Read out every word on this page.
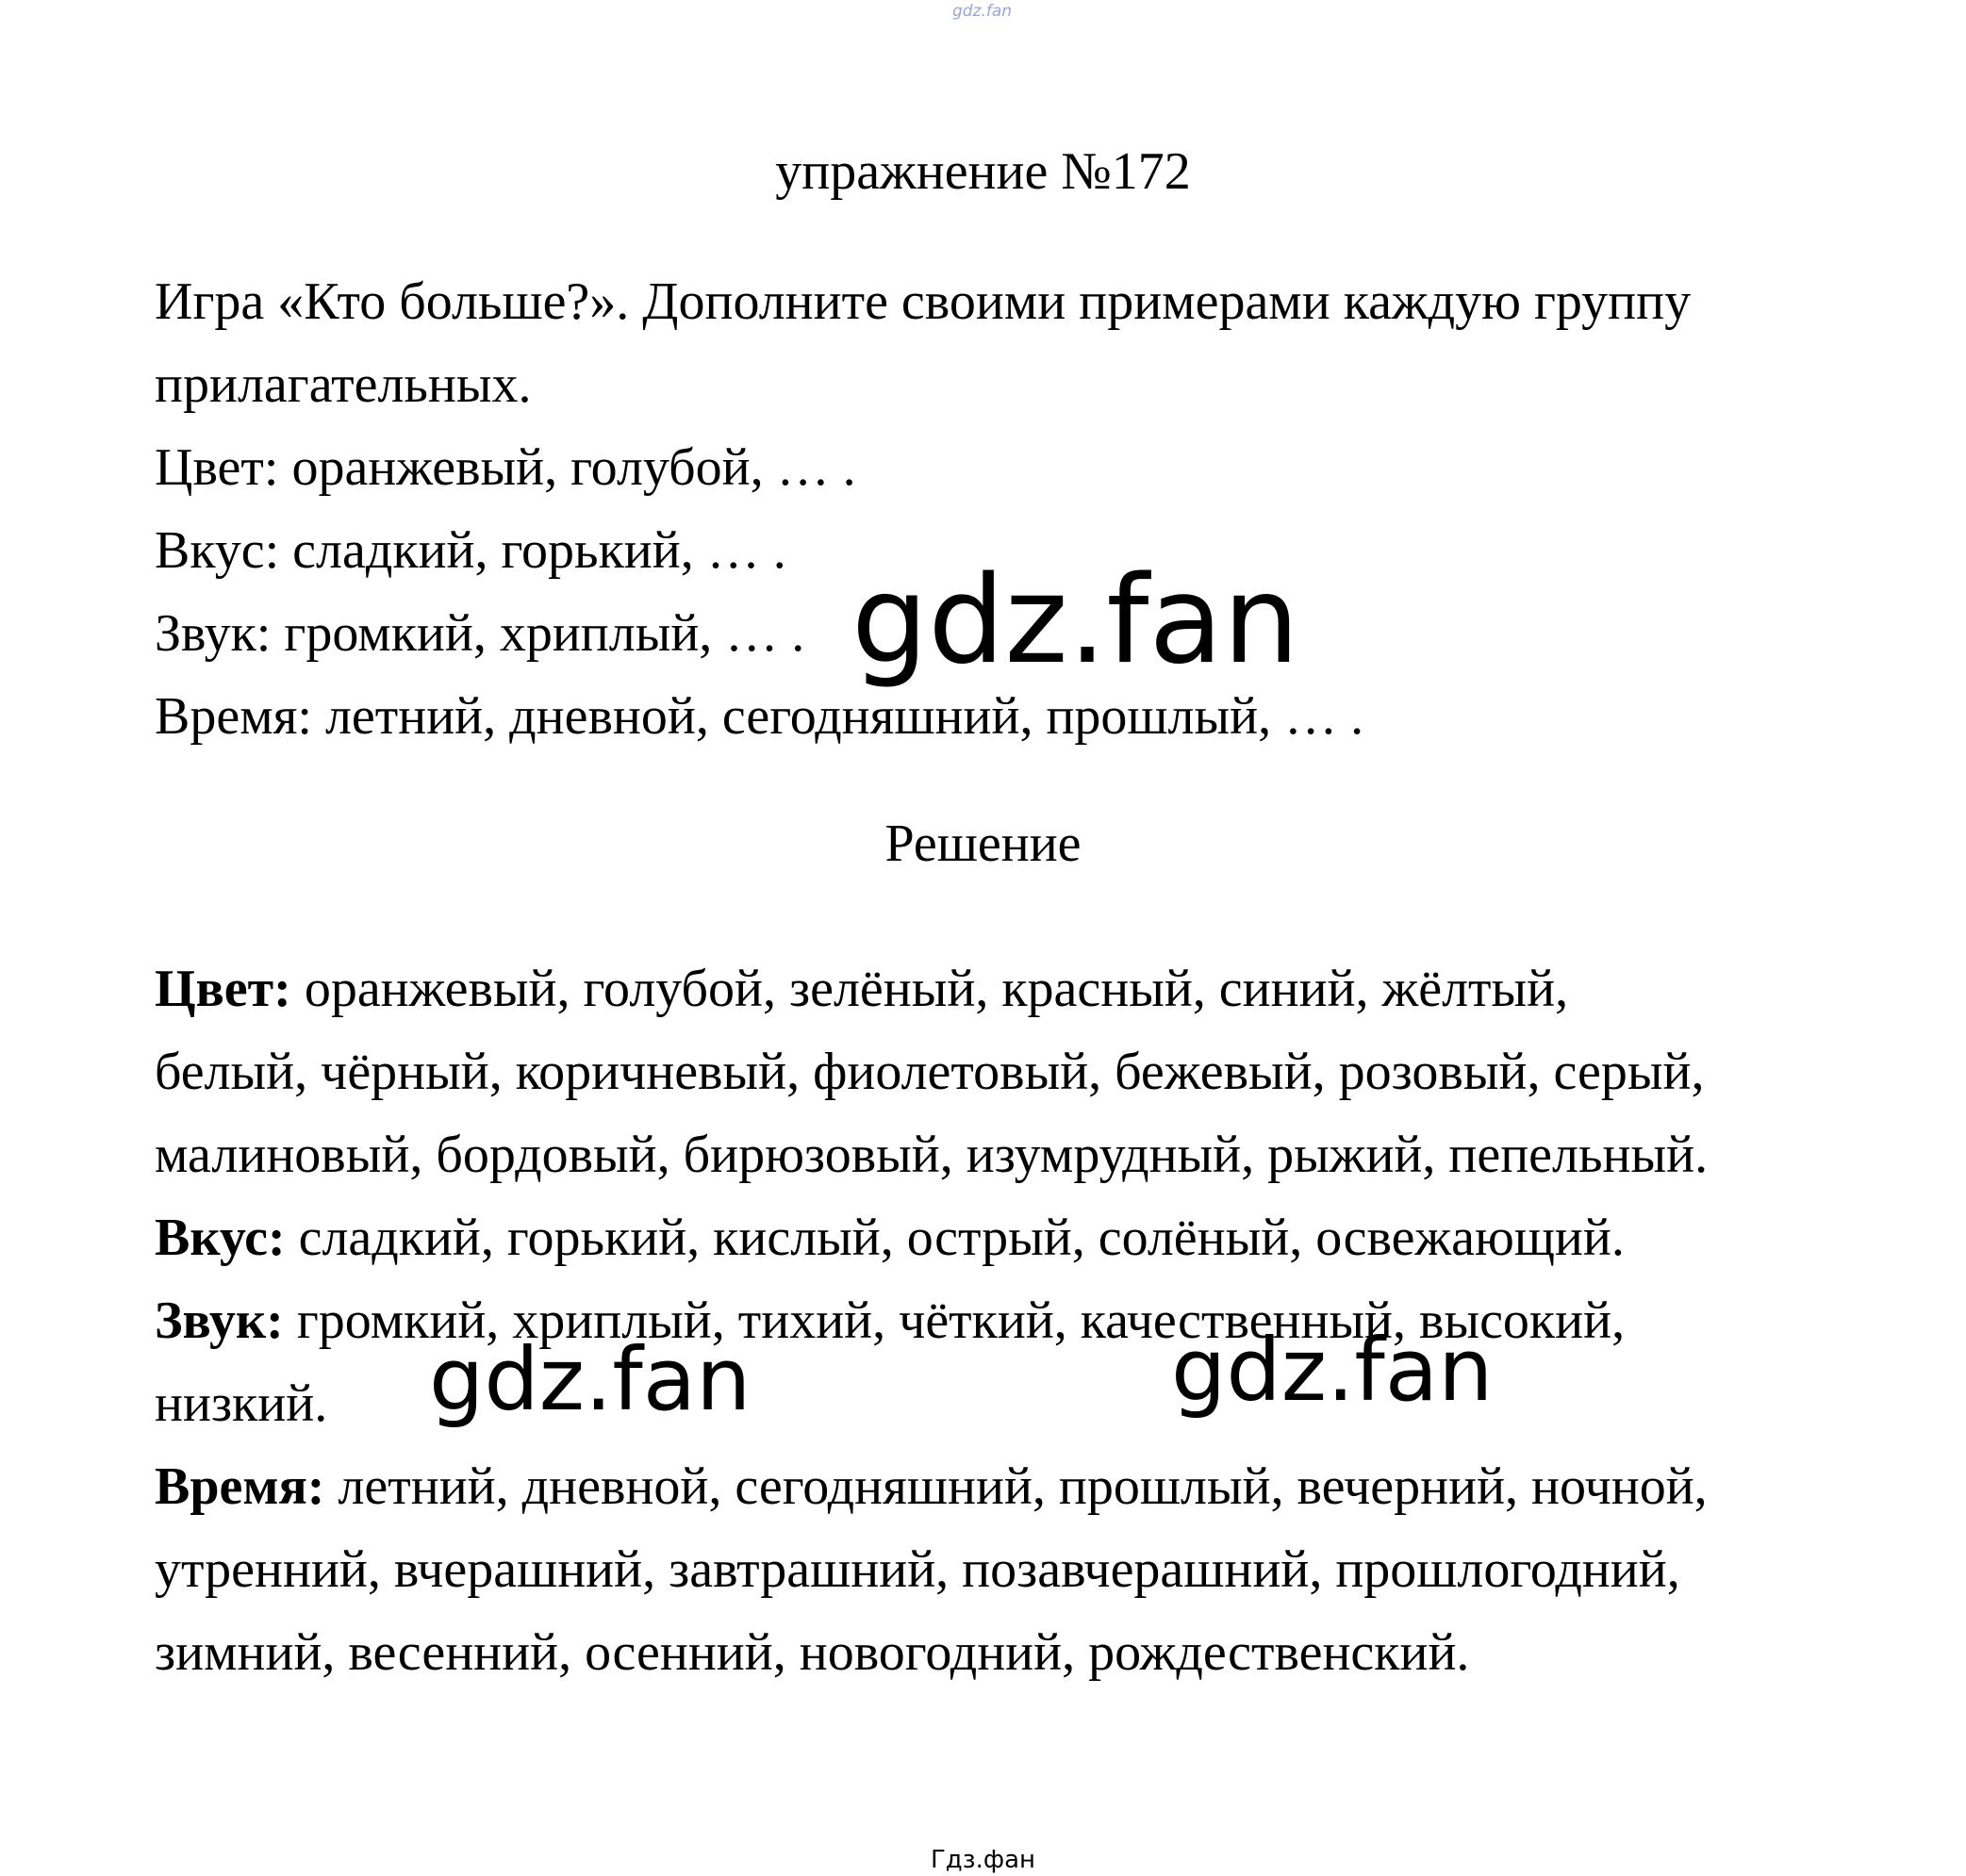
gdz.fan
упражнение №172

Игра «Кто больше?». Дополните своими примерами каждую группу

прилагательных.

Цвет: оранжевый, голубой, … .

Вкус: сладкий, горький, … .

Звук: громкий, хриплый, … .

Время: летний, дневной, сегодняшний, прошлый, … .

Решение
Цвет: оранжевый, голубой, зелёный, красный, синий, жёлтый,
белый, чёрный, коричневый, фиолетовый, бежевый, розовый, серый,
малиновый, бордовый, бирюзовый, изумрудный, рыжий, пепельный.
Вкус: сладкий, горький, кислый, острый, солёный, освежающий.
Звук: громкий, хриплый, тихий, чёткий, качественный, высокий,
низкий.
Время: летний, дневной, сегодняшний, прошлый, вечерний, ночной,
утренний, вчерашний, завтрашний, позавчерашний, прошлогодний,
зимний, весенний, осенний, новогодний, рождественский.
gdz.fan
gdz.fan	gdz.fan
Гдз.фан
